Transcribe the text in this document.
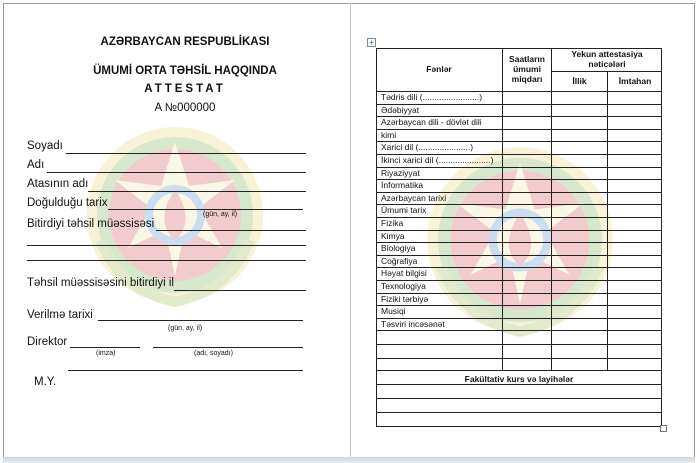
AZƏRBAYCAN RESPUBLİKASI
ÜMUMİ ORTA TƏHSİL HAQQINDA
ATTESTAT
A №000000
Soyadı
Adı
Atasının adı
Doğulduğu tarix
(gün, ay, il)
Bitirdiyi təhsil müəssisəsi
Təhsil müəssisəsini bitirdiyi il
Verilmə tarixi
(gün, ay, il)
Direktor
(imza)	(adı, soyadı)
M.Y.
+
Fənlər
Saatların ümumi miqdarı
Yekun attestasiya nəticələri
İllik	İmtahan
Fakültativ kurs və layihələr
Tədris dili (........................)
Ədəbiyyat
Azərbaycan dili - dövlət dili
kimi
Xarici dil (......................)
İkinci xarici dil (......................)
Riyaziyyat
İnformatika
Azərbaycan tarixi
Ümumi tarix
Fizika
Kimya
Biologiya
Coğrafiya
Həyat bilgisi
Texnologiya
Fiziki tərbiyə
Musiqi
Təsviri incəsənət
